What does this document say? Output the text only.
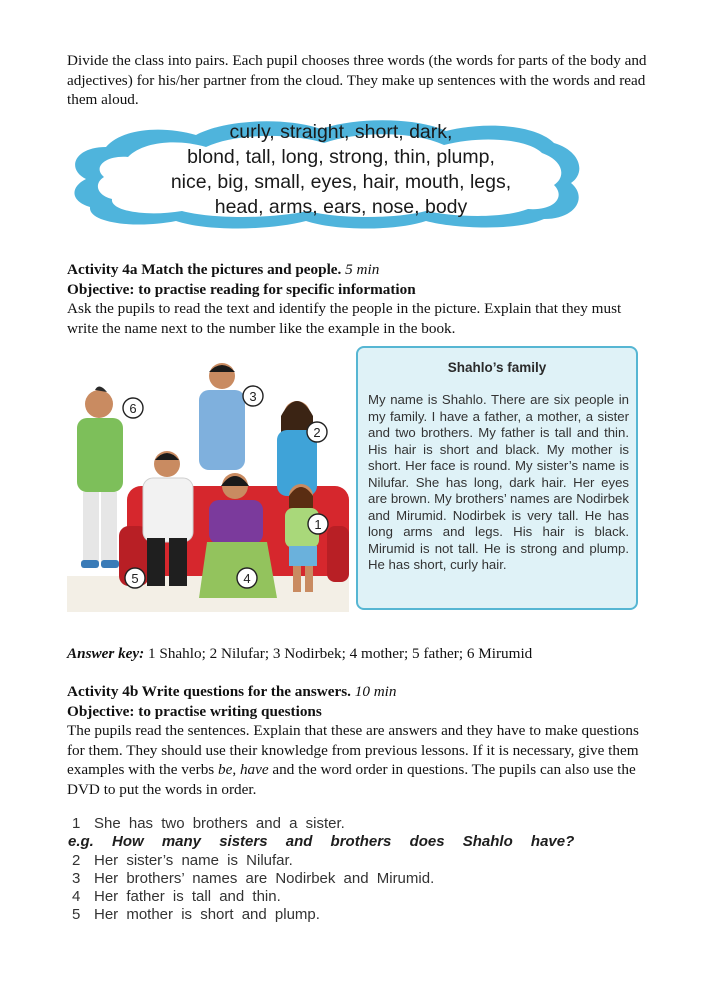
Divide the class into pairs. Each pupil chooses three words (the words for parts of the body and adjectives) for his/her partner from the cloud. They make up sentences with the words and read them aloud.

curly, straight, short, dark,
blond, tall, long, strong, thin, plump,
nice, big, small, eyes, hair, mouth, legs,
head, arms, ears, nose, body
Activity 4a Match the pictures and people. 5 min
Objective: to practise reading for specific information
Ask the pupils to read the text and identify the people in the picture. Explain that they must write the name next to the number like the example in the book.
6
3
2
1
5	4
Shahlo’s family
My name is Shahlo. There are six people in my family. I have a father, a mother, a sister and two brothers. My father is tall and thin. His hair is short and black. My mother is short. Her face is round. My sister’s name is Nilufar. She has long, dark hair. Her eyes are brown. My brothers’ names are Nodirbek and Mirumid. Nodirbek is very tall. He has long arms and legs. His hair is black. Mirumid is not tall. He is strong and plump. He has short, curly hair.
Answer key: 1 Shahlo; 2 Nilufar; 3 Nodirbek; 4 mother; 5 father; 6 Mirumid
Activity 4b Write questions for the answers. 10 min
Objective: to practise writing questions
The pupils read the sentences. Explain that these are answers and they have to make questions for them. They should use their knowledge from previous lessons. If it is necessary, give them examples with the verbs be, have and the word order in questions. The pupils can also use the DVD to put the words in order.
1 She has two brothers and a sister.
e.g. How many sisters and brothers does Shahlo have?
2 Her sister’s name is Nilufar.
3 Her brothers’ names are Nodirbek and Mirumid.
4 Her father is tall and thin.
5 Her mother is short and plump.
